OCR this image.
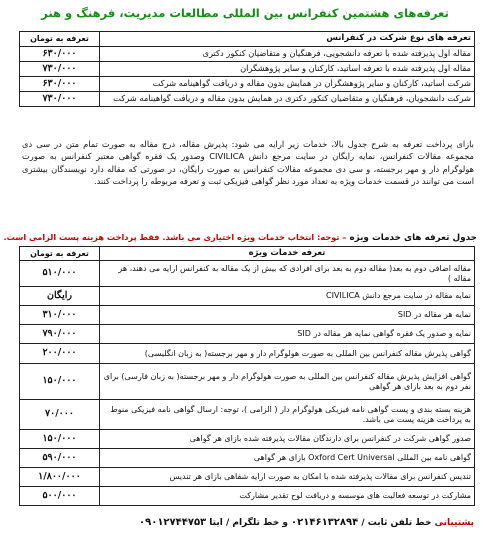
تعرفه‌های هشتمین کنفرانس بین المللی مطالعات مدیریت، فرهنگ و هنر
تعرفه های نوع شرکت در کنفرانس	تعرفه به تومان
مقاله اول پذیرفته شده با تعرفه دانشجویی، فرهنگیان و متقاضیان کنکور دکتری	۶۳۰/۰۰۰
مقاله اول پذیرفته شده با تعرفه اساتید، کارکنان و سایر پژوهشگران	۷۳۰/۰۰۰
شرکت اساتید، کارکنان و سایر پژوهشگران در همایش بدون مقاله و دریافت گواهینامه شرکت	۶۳۰/۰۰۰
شرکت دانشجویان، فرهنگیان و متقاضیان کنکور دکتری در همایش بدون مقاله و دریافت گواهینامه شرکت	۷۳۰/۰۰۰
بازای پرداخت تعرفه به شرح جدول بالا، خدمات زیر ارایه می شود: پذیرش مقاله، درج مقاله به صورت تمام متن در سی دی مجموعه مقالات کنفرانس، نمایه رایگان در سایت مرجع دانش CIVILICA وصدور یک فقره گواهی معتبر کنفرانس به صورت هولوگرام دار و مهر برجسته، و سی دی مجموعه مقالات کنفرانس به صورت رایگان، در صورتی که مقاله دارد نویسندگان بیشتری است می توانند در قسمت خدمات ویژه به تعداد مورد نظر گواهی فیزیکی ثبت و تعرفه مربوطه را پرداخت کنند.
جدول تعرفه های خدمات ویژه – توجه: انتخاب خدمات ویژه اختیاری می باشد. فقط پرداخت هزینه پست الزامی است.
تعرفه خدمات ویژه	تعرفه به تومان
مقاله اضافی دوم به بعد( مقاله دوم به بعد برای افرادی که بیش از یک مقاله به کنفرانس ارایه می دهند، هر مقاله )	۵۱۰/۰۰۰
نمایه مقاله در سایت مرجع دانش CIVILICA	رایگان
نمایه هر مقاله در SID	۳۱۰/۰۰۰
نمایه و صدور یک فقره گواهی نمایه هر مقاله در SID	۷۹۰/۰۰۰
گواهی پذیرش مقاله کنفرانس بین المللی به صورت هولوگرام دار و مهر برجسته( به زبان انگلیسی)	۲۰۰/۰۰۰
گواهی افزایش پذیرش مقاله کنفرانس بین المللی به صورت هولوگرام دار و مهر برجسته( به زبان فارسی) برای نفر دوم به بعد بازای هر گواهی	۱۵۰/۰۰۰
هزینه بسته بندی و پست گواهی نامه فیزیکی هولوگرام دار ( الزامی )، توجه: ارسال گواهی نامه فیزیکی منوط به پرداخت هزینه پست می باشد.	۷۰/۰۰۰
صدور گواهی شرکت در کنفرانس برای دارندگان مقالات پذیرفته شده بازای هر گواهی	۱۵۰/۰۰۰
گواهی نامه بین المللی Oxford Cert Universal بازای هر گواهی	۵۹۰/۰۰۰
تندیس کنفرانس برای مقالات پذیرفته شده با امکان به صورت ارایه شفاهی بازای هر تندیس	۱/۸۰۰/۰۰۰
مشارکت در توسعه فعالیت های موسسه و دریافت لوح تقدیر مشارکت	۵۰۰/۰۰۰
پشتیبانی خط تلفن ثابت / ۰۲۱۴۶۱۳۲۸۹۴ و خط تلگرام / ایتا ۰۹۰۱۲۷۴۴۷۵۳
